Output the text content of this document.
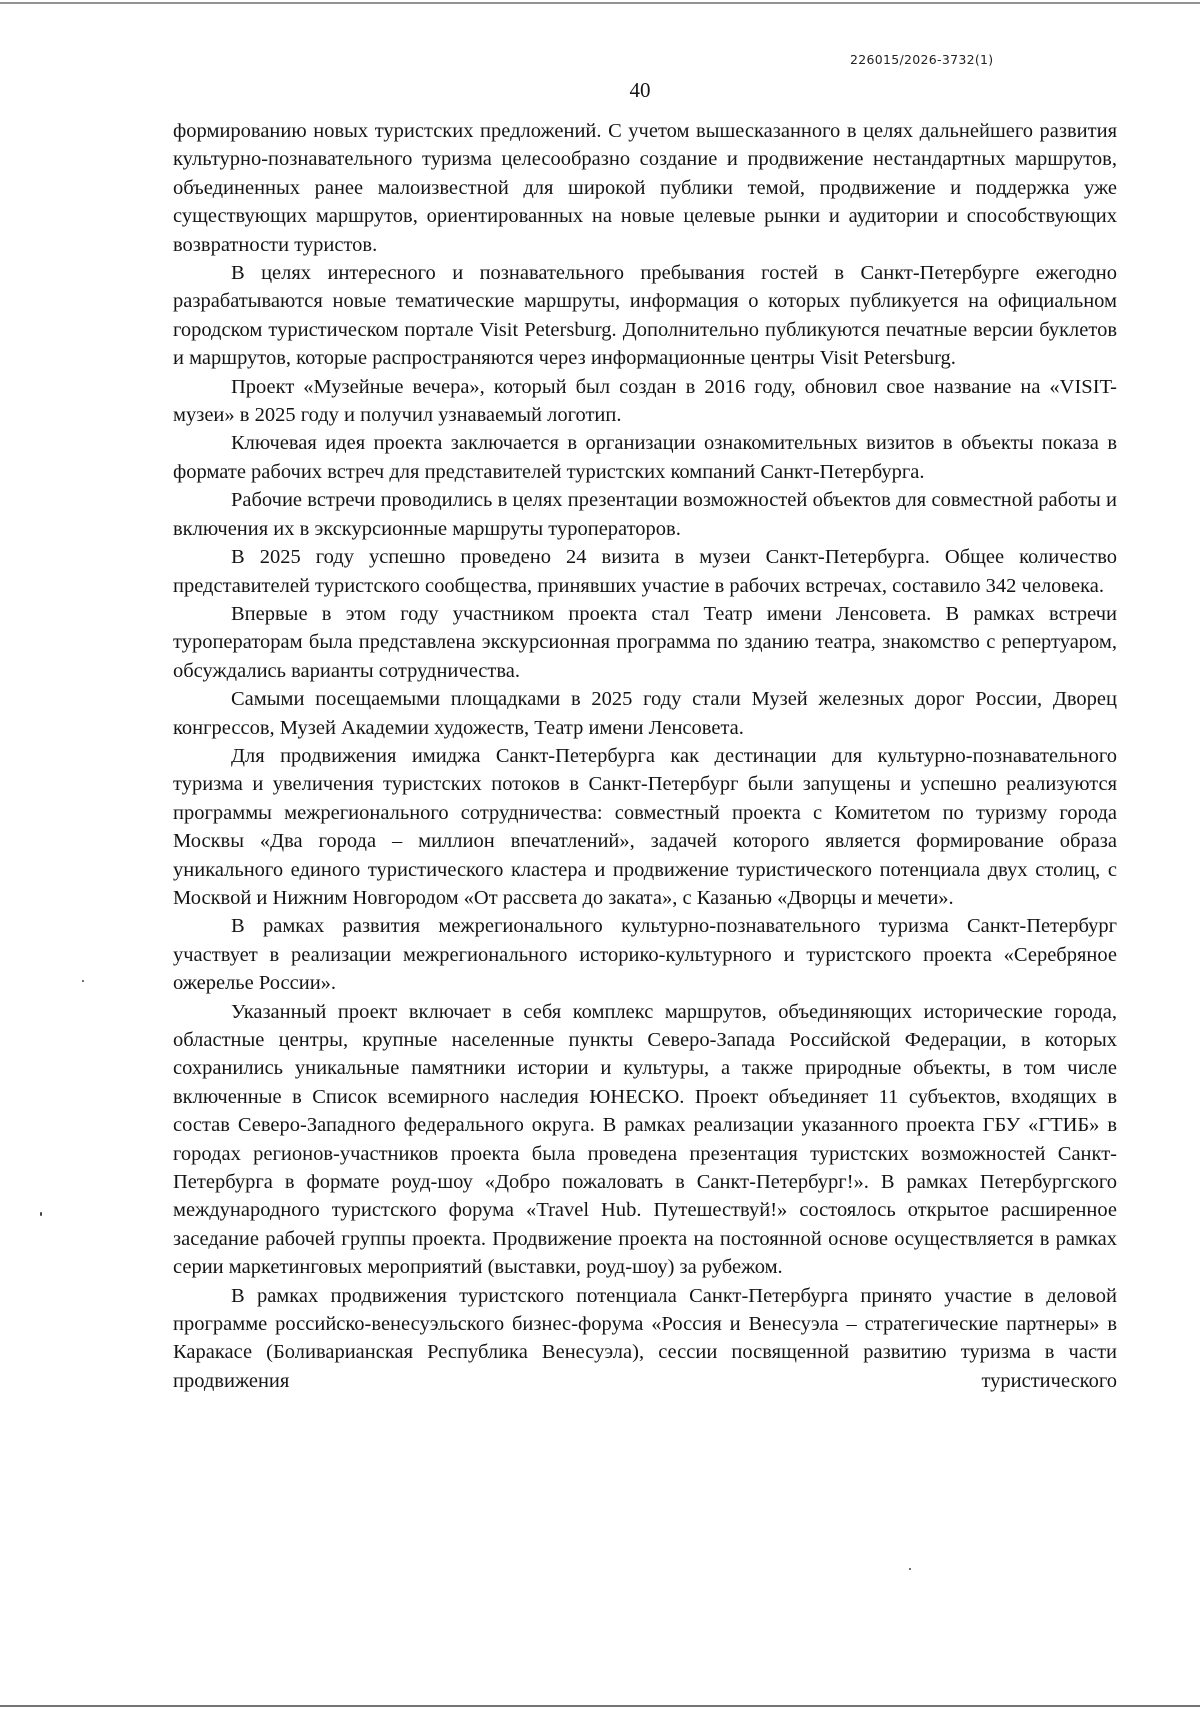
226015/2026-3732(1)
40

формированию новых туристских предложений. С учетом вышесказанного в целях дальнейшего развития культурно-познавательного туризма целесообразно создание и продвижение нестандартных маршрутов, объединенных ранее малоизвестной для широкой публики темой, продвижение и поддержка уже существующих маршрутов, ориентированных на новые целевые рынки и аудитории и способствующих возвратности туристов.

В целях интересного и познавательного пребывания гостей в Санкт-Петербурге ежегодно разрабатываются новые тематические маршруты, информация о которых публикуется на официальном городском туристическом портале Visit Petersburg. Дополнительно публикуются печатные версии буклетов и маршрутов, которые распространяются через информационные центры Visit Petersburg.

Проект «Музейные вечера», который был создан в 2016 году, обновил свое название на «VISIT-музеи» в 2025 году и получил узнаваемый логотип.

Ключевая идея проекта заключается в организации ознакомительных визитов в объекты показа в формате рабочих встреч для представителей туристских компаний Санкт-Петербурга.

Рабочие встречи проводились в целях презентации возможностей объектов для совместной работы и включения их в экскурсионные маршруты туроператоров.

В 2025 году успешно проведено 24 визита в музеи Санкт-Петербурга. Общее количество представителей туристского сообщества, принявших участие в рабочих встречах, составило 342 человека.

Впервые в этом году участником проекта стал Театр имени Ленсовета. В рамках встречи туроператорам была представлена экскурсионная программа по зданию театра, знакомство с репертуаром, обсуждались варианты сотрудничества.

Самыми посещаемыми площадками в 2025 году стали Музей железных дорог России, Дворец конгрессов, Музей Академии художеств, Театр имени Ленсовета.

Для продвижения имиджа Санкт-Петербурга как дестинации для культурно-познавательного туризма и увеличения туристских потоков в Санкт-Петербург были запущены и успешно реализуются программы межрегионального сотрудничества: совместный проекта с Комитетом по туризму города Москвы «Два города – миллион впечатлений», задачей которого является формирование образа уникального единого туристического кластера и продвижение туристического потенциала двух столиц, с Москвой и Нижним Новгородом «От рассвета до заката», с Казанью «Дворцы и мечети».

В рамках развития межрегионального культурно-познавательного туризма Санкт-Петербург участвует в реализации межрегионального историко-культурного и туристского проекта «Серебряное ожерелье России».

Указанный проект включает в себя комплекс маршрутов, объединяющих исторические города, областные центры, крупные населенные пункты Северо-Запада Российской Федерации, в которых сохранились уникальные памятники истории и культуры, а также природные объекты, в том числе включенные в Список всемирного наследия ЮНЕСКО. Проект объединяет 11 субъектов, входящих в состав Северо-Западного федерального округа. В рамках реализации указанного проекта ГБУ «ГТИБ» в городах регионов-участников проекта была проведена презентация туристских возможностей Санкт-Петербурга в формате роуд-шоу «Добро пожаловать в Санкт-Петербург!». В рамках Петербургского международного туристского форума «Travel Hub. Путешествуй!» состоялось открытое расширенное заседание рабочей группы проекта. Продвижение проекта на постоянной основе осуществляется в рамках серии маркетинговых мероприятий (выставки, роуд-шоу) за рубежом.

В рамках продвижения туристского потенциала Санкт-Петербурга принято участие в деловой программе российско-венесуэльского бизнес-форума «Россия и Венесуэла – стратегические партнеры» в Каракасе (Боливарианская Республика Венесуэла), сессии посвященной развитию туризма в части продвижения туристического
